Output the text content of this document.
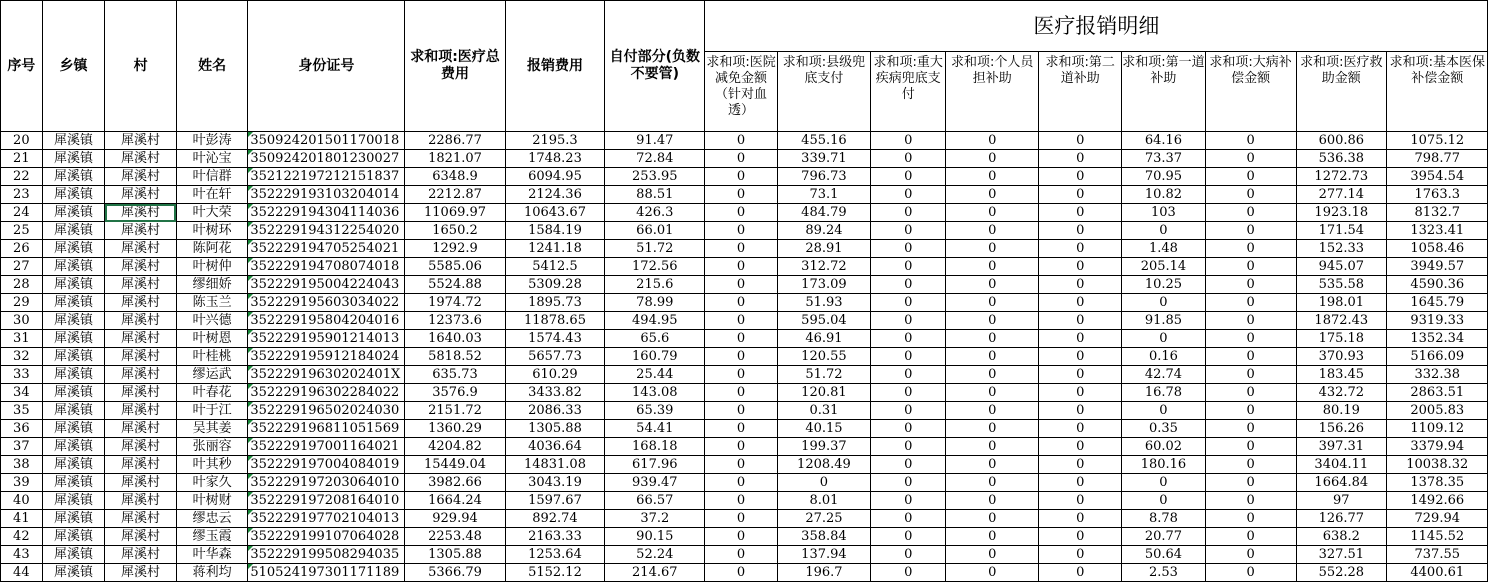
序号	乡镇	村	姓名	身份证号	求和项:医疗总费用	报销费用	自付部分(负数不要管)	医疗报销明细									
								求和项:医院减免金额（针对血透）	求和项:县级兜底支付	求和项:重大疾病兜底支付	求和项:个人员担补助	求和项:第二道补助	求和项:第一道补助	求和项:大病补偿金额	求和项:医疗救助金额	求和项:基本医保补偿金额	
20	犀溪镇	犀溪村	叶彭涛	350924201501170018	2286.77	2195.3	91.47	0	455.16	0	0	0	64.16	0	600.86	1075.12	
21	犀溪镇	犀溪村	叶沁宝	350924201801230027	1821.07	1748.23	72.84	0	339.71	0	0	0	73.37	0	536.38	798.77	
22	犀溪镇	犀溪村	叶信群	352122197212151837	6348.9	6094.95	253.95	0	796.73	0	0	0	70.95	0	1272.73	3954.54	
23	犀溪镇	犀溪村	叶在轩	352229193103204014	2212.87	2124.36	88.51	0	73.1	0	0	0	10.82	0	277.14	1763.3	
24	犀溪镇	犀溪村	叶大荣	352229194304114036	11069.97	10643.67	426.3	0	484.79	0	0	0	103	0	1923.18	8132.7	
25	犀溪镇	犀溪村	叶树环	352229194312254020	1650.2	1584.19	66.01	0	89.24	0	0	0	0	0	171.54	1323.41	
26	犀溪镇	犀溪村	陈阿花	352229194705254021	1292.9	1241.18	51.72	0	28.91	0	0	0	1.48	0	152.33	1058.46	
27	犀溪镇	犀溪村	叶树仲	352229194708074018	5585.06	5412.5	172.56	0	312.72	0	0	0	205.14	0	945.07	3949.57	
28	犀溪镇	犀溪村	缪细娇	352229195004224043	5524.88	5309.28	215.6	0	173.09	0	0	0	10.25	0	535.58	4590.36	
29	犀溪镇	犀溪村	陈玉兰	352229195603034022	1974.72	1895.73	78.99	0	51.93	0	0	0	0	0	198.01	1645.79	
30	犀溪镇	犀溪村	叶兴德	352229195804204016	12373.6	11878.65	494.95	0	595.04	0	0	0	91.85	0	1872.43	9319.33	
31	犀溪镇	犀溪村	叶树恩	352229195901214013	1640.03	1574.43	65.6	0	46.91	0	0	0	0	0	175.18	1352.34	
32	犀溪镇	犀溪村	叶桂桃	352229195912184024	5818.52	5657.73	160.79	0	120.55	0	0	0	0.16	0	370.93	5166.09	
33	犀溪镇	犀溪村	缪运武	35222919630202401X	635.73	610.29	25.44	0	51.72	0	0	0	42.74	0	183.45	332.38	
34	犀溪镇	犀溪村	叶春花	352229196302284022	3576.9	3433.82	143.08	0	120.81	0	0	0	16.78	0	432.72	2863.51	
35	犀溪镇	犀溪村	叶于江	352229196502024030	2151.72	2086.33	65.39	0	0.31	0	0	0	0	0	80.19	2005.83	
36	犀溪镇	犀溪村	吴其姜	352229196811051569	1360.29	1305.88	54.41	0	40.15	0	0	0	0.35	0	156.26	1109.12	
37	犀溪镇	犀溪村	张丽容	352229197001164021	4204.82	4036.64	168.18	0	199.37	0	0	0	60.02	0	397.31	3379.94	
38	犀溪镇	犀溪村	叶其秒	352229197004084019	15449.04	14831.08	617.96	0	1208.49	0	0	0	180.16	0	3404.11	10038.32	
39	犀溪镇	犀溪村	叶家久	352229197203064010	3982.66	3043.19	939.47	0	0	0	0	0	0	0	1664.84	1378.35	
40	犀溪镇	犀溪村	叶树财	352229197208164010	1664.24	1597.67	66.57	0	8.01	0	0	0	0	0	97	1492.66	
41	犀溪镇	犀溪村	缪忠云	352229197702104013	929.94	892.74	37.2	0	27.25	0	0	0	8.78	0	126.77	729.94	
42	犀溪镇	犀溪村	缪玉霞	352229199107064028	2253.48	2163.33	90.15	0	358.84	0	0	0	20.77	0	638.2	1145.52	
43	犀溪镇	犀溪村	叶华森	352229199508294035	1305.88	1253.64	52.24	0	137.94	0	0	0	50.64	0	327.51	737.55	
44	犀溪镇	犀溪村	蒋利均	510524197301171189	5366.79	5152.12	214.67	0	196.7	0	0	0	2.53	0	552.28	4400.61	
